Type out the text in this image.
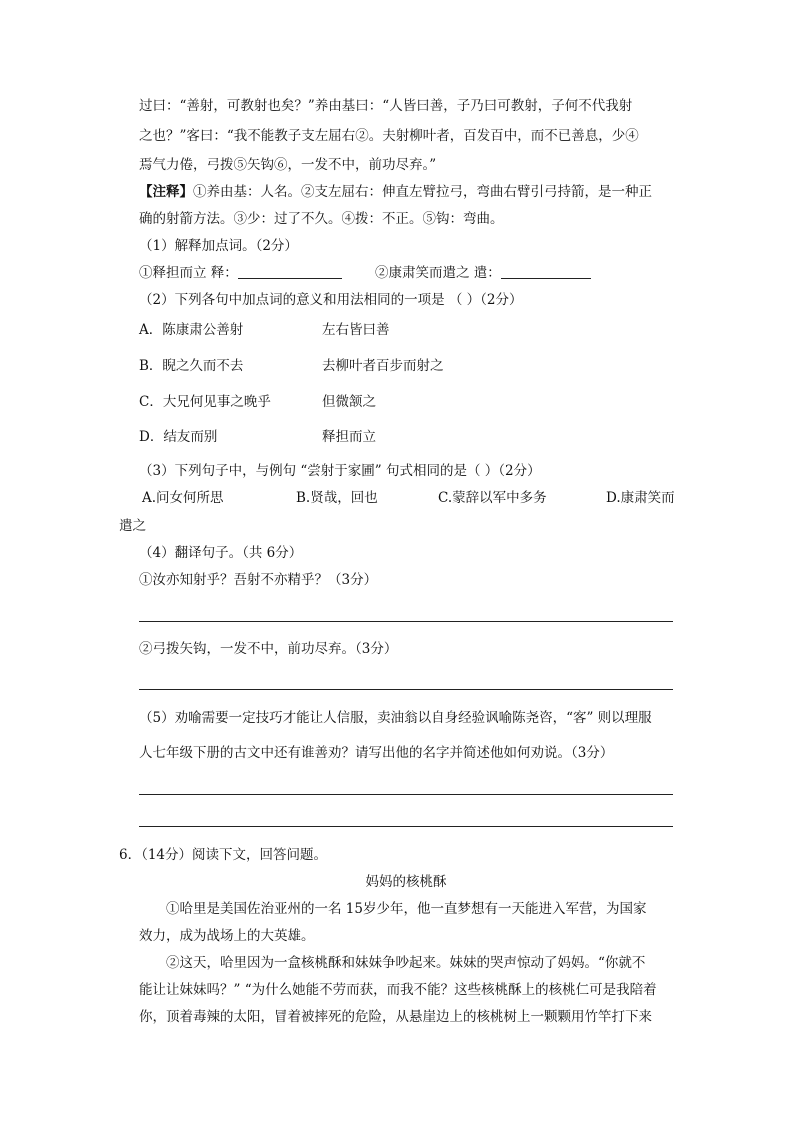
过曰：“善射，可教射也矣？”养由基曰：“人皆曰善，子乃曰可教射，子何不代我射
之也？”客曰：“我不能教子支左屈右②。夫射柳叶者，百发百中，而不已善息，少④
焉气力倦，弓拨⑤矢钩⑥，一发不中，前功尽弃。”
【注释】①养由基：人名。②支左屈右：伸直左臂拉弓，弯曲右臂引弓持箭，是一种正
确的射箭方法。③少：过了不久。④拨：不正。⑤钩：弯曲。
（1）解释加点词。（2分）
①释担而立 释：	②康肃笑而遣之 遣：
（2）下列各句中加点词的意义和用法相同的一项是 （ ）（2分）
A．陈康肃公善射	左右皆曰善
B．睨之久而不去	去柳叶者百步而射之
C．大兄何见事之晚乎	但微颔之
D．结友而别	释担而立
（3）下列句子中，与例句 “尝射于家圃” 句式相同的是（ ）（2分）
A.问女何所思	B.贤哉，回也	C.蒙辞以军中多务	D.康肃笑而
遣之
（4）翻译句子。（共 6分）
①汝亦知射乎？吾射不亦精乎？（3分）
②弓拨矢钩，一发不中，前功尽弃。（3分）
（5）劝喻需要一定技巧才能让人信服，卖油翁以自身经验讽喻陈尧咨，“客” 则以理服
人七年级下册的古文中还有谁善劝？请写出他的名字并简述他如何劝说。（3分）
6．（14分）阅读下文，回答问题。
妈妈的核桃酥
①哈里是美国佐治亚州的一名 15岁少年，他一直梦想有一天能进入军营，为国家
效力，成为战场上的大英雄。
②这天，哈里因为一盒核桃酥和妹妹争吵起来。妹妹的哭声惊动了妈妈。“你就不
能让让妹妹吗？” “为什么她能不劳而获，而我不能？这些核桃酥上的核桃仁可是我陪着
你，顶着毒辣的太阳，冒着被摔死的危险，从悬崖边上的核桃树上一颗颗用竹竿打下来
